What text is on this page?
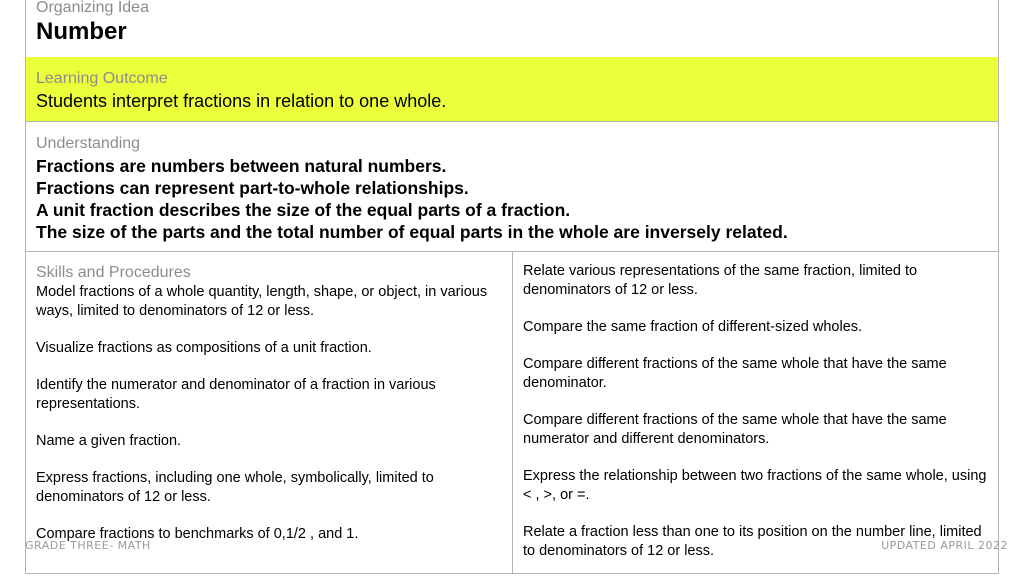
Organizing Idea
Number
Learning Outcome
Students interpret fractions in relation to one whole.
Understanding
Fractions are numbers between natural numbers.
Fractions can represent part-to-whole relationships.
A unit fraction describes the size of the equal parts of a fraction.
The size of the parts and the total number of equal parts in the whole are inversely related.
Skills and Procedures

Model fractions of a whole quantity, length, shape, or object, in various ways, limited to denominators of 12 or less.

Visualize fractions as compositions of a unit fraction.

Identify the numerator and denominator of a fraction in various representations.

Name a given fraction.

Express fractions, including one whole, symbolically, limited to denominators of 12 or less.

Compare fractions to benchmarks of 0,1/2 , and 1.

Relate various representations of the same fraction, limited to denominators of 12 or less.

Compare the same fraction of different-sized wholes.

Compare different fractions of the same whole that have the same denominator.

Compare different fractions of the same whole that have the same numerator and different denominators.

Express the relationship between two fractions of the same whole, using < , >, or =.

Relate a fraction less than one to its position on the number line, limited to denominators of 12 or less.

GRADE THREE- MATH	UPDATED APRIL 2022
